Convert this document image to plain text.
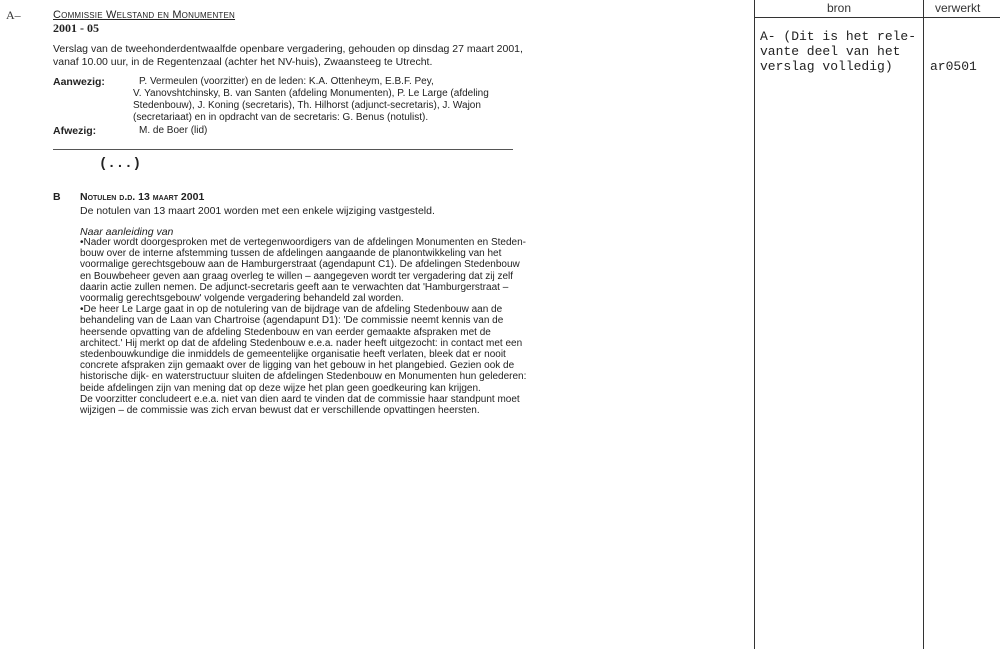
A–	Commissie Welstand en Monumenten
2001 - 05
Verslag van de tweehonderdentwaalfde openbare vergadering, gehouden op dinsdag 27 maart 2001,
vanaf 10.00 uur, in de Regentenzaal (achter het NV-huis), Zwaansteeg te Utrecht.
Aanwezig:	P. Vermeulen (voorzitter) en de leden: K.A. Ottenheym, E.B.F. Pey,
V. Yanovshtchinsky, B. van Santen (afdeling Monumenten), P. Le Large (afdeling
Stedenbouw), J. Koning (secretaris), Th. Hilhorst (adjunct-secretaris), J. Wajon
(secretariaat) en in opdracht van de secretaris: G. Benus (notulist).
Afwezig:	M. de Boer (lid)
(...)
B Notulen d.d. 13 maart 2001
De notulen van 13 maart 2001 worden met een enkele wijziging vastgesteld.
Naar aanleiding van
•Nader wordt doorgesproken met de vertegenwoordigers van de afdelingen Monumenten en Steden-
bouw over de interne afstemming tussen de afdelingen aangaande de planontwikkeling van het
voormalige gerechtsgebouw aan de Hamburgerstraat (agendapunt C1). De afdelingen Stedenbouw
en Bouwbeheer geven aan graag overleg te willen – aangegeven wordt ter vergadering dat zij zelf
daarin actie zullen nemen. De adjunct-secretaris geeft aan te verwachten dat 'Hamburgerstraat –
voormalig gerechtsgebouw' volgende vergadering behandeld zal worden.
•De heer Le Large gaat in op de notulering van de bijdrage van de afdeling Stedenbouw aan de
behandeling van de Laan van Chartroise (agendapunt D1): 'De commissie neemt kennis van de
heersende opvatting van de afdeling Stedenbouw en van eerder gemaakte afspraken met de
architect.' Hij merkt op dat de afdeling Stedenbouw e.e.a. nader heeft uitgezocht: in contact met een
stedenbouwkundige die inmiddels de gemeentelijke organisatie heeft verlaten, bleek dat er nooit
concrete afspraken zijn gemaakt over de ligging van het gebouw in het plangebied. Gezien ook de
historische dijk- en waterstructuur sluiten de afdelingen Stedenbouw en Monumenten hun gelederen:
beide afdelingen zijn van mening dat op deze wijze het plan geen goedkeuring kan krijgen.
De voorzitter concludeert e.e.a. niet van dien aard te vinden dat de commissie haar standpunt moet
wijzigen – de commissie was zich ervan bewust dat er verschillende opvattingen heersten.
bron	verwerkt
A- (Dit is het rele-
vante deel van het
verslag volledig)	ar0501
